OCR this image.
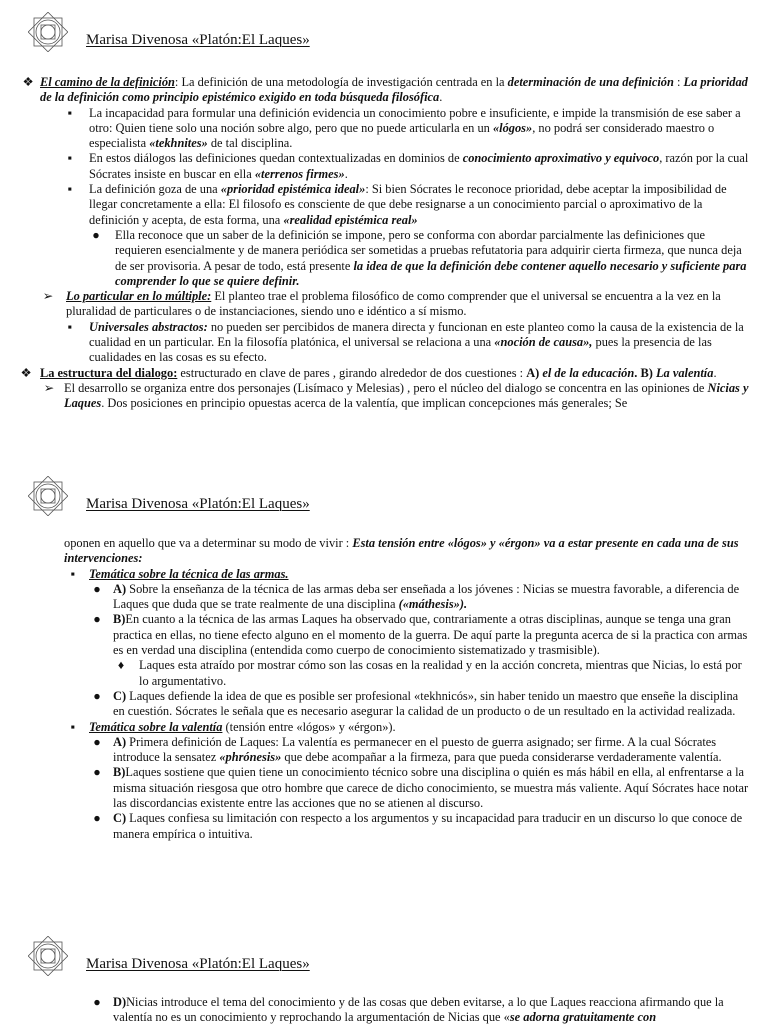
Marisa Divenosa «Platón:El Laques»
❖ El camino de la definición: La definición de una metodología de investigación centrada en la determinación de una definición : La prioridad de la definición como principio epistémico exigido en toda búsqueda filosófica.
▪	La incapacidad para formular una definición evidencia un conocimiento pobre e insuficiente, e impide la transmisión de ese saber a otro: Quien tiene solo una noción sobre algo, pero que no puede articularla en un «lógos», no podrá ser considerado maestro o especialista «tekhnites» de tal disciplina.
▪	En estos diálogos las definiciones quedan contextualizadas en dominios de conocimiento aproximativo y equivoco, razón por la cual Sócrates insiste en buscar en ella «terrenos firmes».
▪	La definición goza de una «prioridad epistémica ideal»: Si bien Sócrates le reconoce prioridad, debe aceptar la imposibilidad de llegar concretamente a ella: El filosofo es consciente de que debe resignarse a un conocimiento parcial o aproximativo de la definición y acepta, de esta forma, una «realidad epistémica real»
● Ella reconoce que un saber de la definición se impone, pero se conforma con abordar parcialmente las definiciones que requieren esencialmente y de manera periódica ser sometidas a pruebas refutatoria para adquirir cierta firmeza, que nunca deja de ser provisoria. A pesar de todo, está presente la idea de que la definición debe contener aquello necesario y suficiente para comprender lo que se quiere definir.
➢ Lo particular en lo múltiple: El planteo trae el problema filosófico de como comprender que el universal se encuentra a la vez en la pluralidad de particulares o de instanciaciones, siendo uno e idéntico a sí mismo.
▪	Universales abstractos: no pueden ser percibidos de manera directa y funcionan en este planteo como la causa de la existencia de la cualidad en un particular. En la filosofía platónica, el universal se relaciona a una «noción de causa», pues la presencia de las cualidades en las cosas es su efecto.
❖ La estructura del dialogo: estructurado en clave de pares , girando alrededor de dos cuestiones : A) el de la educación. B) La valentía.
➢ El desarrollo se organiza entre dos personajes (Lisímaco y Melesias) , pero el núcleo del dialogo se concentra en las opiniones de Nicias y Laques. Dos posiciones en principio opuestas acerca de la valentía, que implican concepciones más generales; Se
Marisa Divenosa «Platón:El Laques»
oponen en aquello que va a determinar su modo de vivir : Esta tensión entre «lógos» y «érgon» va a estar presente en cada una de sus intervenciones:
▪	Temática sobre la técnica de las armas.
● A) Sobre la enseñanza de la técnica de las armas deba ser enseñada a los jóvenes : Nicias se muestra favorable, a diferencia de Laques que duda que se trate realmente de una disciplina («máthesis»).
● B)En cuanto a la técnica de las armas Laques ha observado que, contrariamente a otras disciplinas, aunque se tenga una gran practica en ellas, no tiene efecto alguno en el momento de la guerra. De aquí parte la pregunta acerca de si la practica con armas es en verdad una disciplina (entendida como cuerpo de conocimiento sistematizado y trasmisible).
♦ Laques esta atraído por mostrar cómo son las cosas en la realidad y en la acción concreta, mientras que Nicias, lo está por lo argumentativo.
● C) Laques defiende la idea de que es posible ser profesional «tekhnicós», sin haber tenido un maestro que enseñe la disciplina en cuestión. Sócrates le señala que es necesario asegurar la calidad de un producto o de un resultado en la actividad realizada.
▪	Temática sobre la valentía (tensión entre «lógos» y «érgon»).
● A) Primera definición de Laques: La valentía es permanecer en el puesto de guerra asignado; ser firme. A la cual Sócrates introduce la sensatez «phrónesis» que debe acompañar a la firmeza, para que pueda considerarse verdaderamente valentía.
● B)Laques sostiene que quien tiene un conocimiento técnico sobre una disciplina o quién es más hábil en ella, al enfrentarse a la misma situación riesgosa que otro hombre que carece de dicho conocimiento, se muestra más valiente. Aquí Sócrates hace notar las discordancias existente entre las acciones que no se atienen al discurso.
● C) Laques confiesa su limitación con respecto a los argumentos y su incapacidad para traducir en un discurso lo que conoce de manera empírica o intuitiva.
Marisa Divenosa «Platón:El Laques»
● D)Nicias introduce el tema del conocimiento y de las cosas que deben evitarse, a lo que Laques reacciona afirmando que la valentía no es un conocimiento y reprochando la argumentación de Nicias que «se adorna gratuitamente con
